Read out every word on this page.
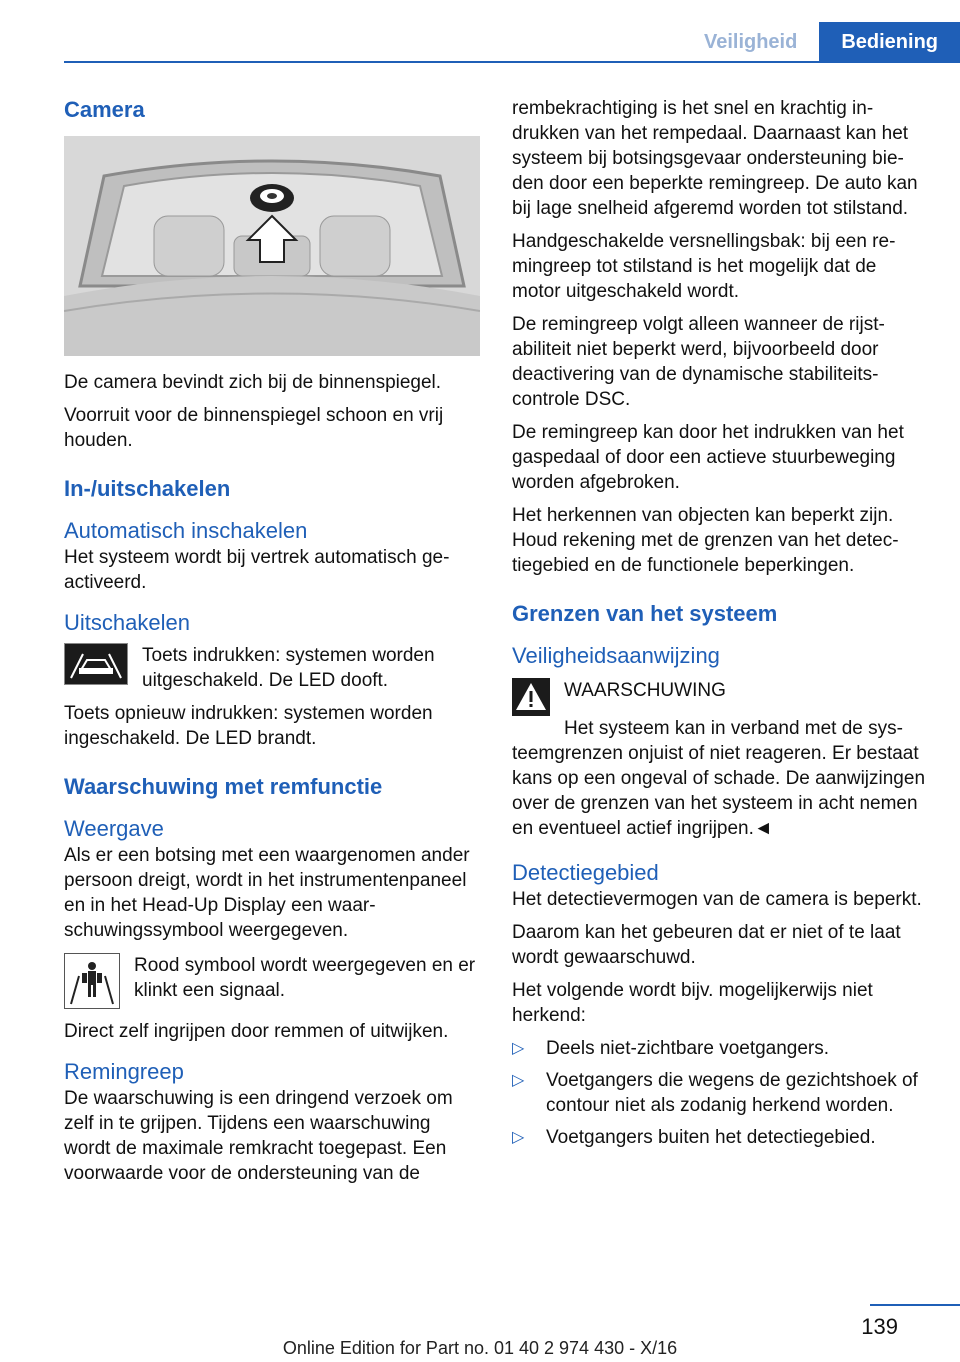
Veiligheid	Bediening
Camera

De camera bevindt zich bij de binnenspiegel.

Voorruit voor de binnenspiegel schoon en vrij houden.

In-/uitschakelen
Automatisch inschakelen

Het systeem wordt bij vertrek automatisch geactiveerd.

Uitschakelen

Toets indrukken: systemen worden uitgeschakeld. De LED dooft.

Toets opnieuw indrukken: systemen worden ingeschakeld. De LED brandt.

Waarschuwing met remfunctie
Weergave

Als er een botsing met een waargenomen ander persoon dreigt, wordt in het instrumentenpaneel en in het Head-Up Display een waarschuwingssymbool weergegeven.

Rood symbool wordt weergegeven en er klinkt een signaal.

Direct zelf ingrijpen door remmen of uitwijken.

Remingreep

De waarschuwing is een dringend verzoek om zelf in te grijpen. Tijdens een waarschuwing wordt de maximale remkracht toegepast. Een voorwaarde voor de ondersteuning van de

rembekrachtiging is het snel en krachtig indrukken van het rempedaal. Daarnaast kan het systeem bij botsingsgevaar ondersteuning bieden door een beperkte remingreep. De auto kan bij lage snelheid afgeremd worden tot stilstand.

Handgeschakelde versnellingsbak: bij een remingreep tot stilstand is het mogelijk dat de motor uitgeschakeld wordt.

De remingreep volgt alleen wanneer de rijstabiliteit niet beperkt werd, bijvoorbeeld door deactivering van de dynamische stabiliteitscontrole DSC.

De remingreep kan door het indrukken van het gaspedaal of door een actieve stuurbeweging worden afgebroken.

Het herkennen van objecten kan beperkt zijn. Houd rekening met de grenzen van het detectiegebied en de functionele beperkingen.

Grenzen van het systeem
Veiligheidsaanwijzing

WAARSCHUWING

Het systeem kan in verband met de systeemgrenzen onjuist of niet reageren. Er bestaat kans op een ongeval of schade. De aanwijzingen over de grenzen van het systeem in acht nemen en eventueel actief ingrijpen.◄

Detectiegebied

Het detectievermogen van de camera is beperkt.

Daarom kan het gebeuren dat er niet of te laat wordt gewaarschuwd.

Het volgende wordt bijv. mogelijkerwijs niet herkend:

▷	Deels niet-zichtbare voetgangers.
▷	Voetgangers die wegens de gezichtshoek of contour niet als zodanig herkend worden.
▷	Voetgangers buiten het detectiegebied.
139
Online Edition for Part no. 01 40 2 974 430 - X/16
